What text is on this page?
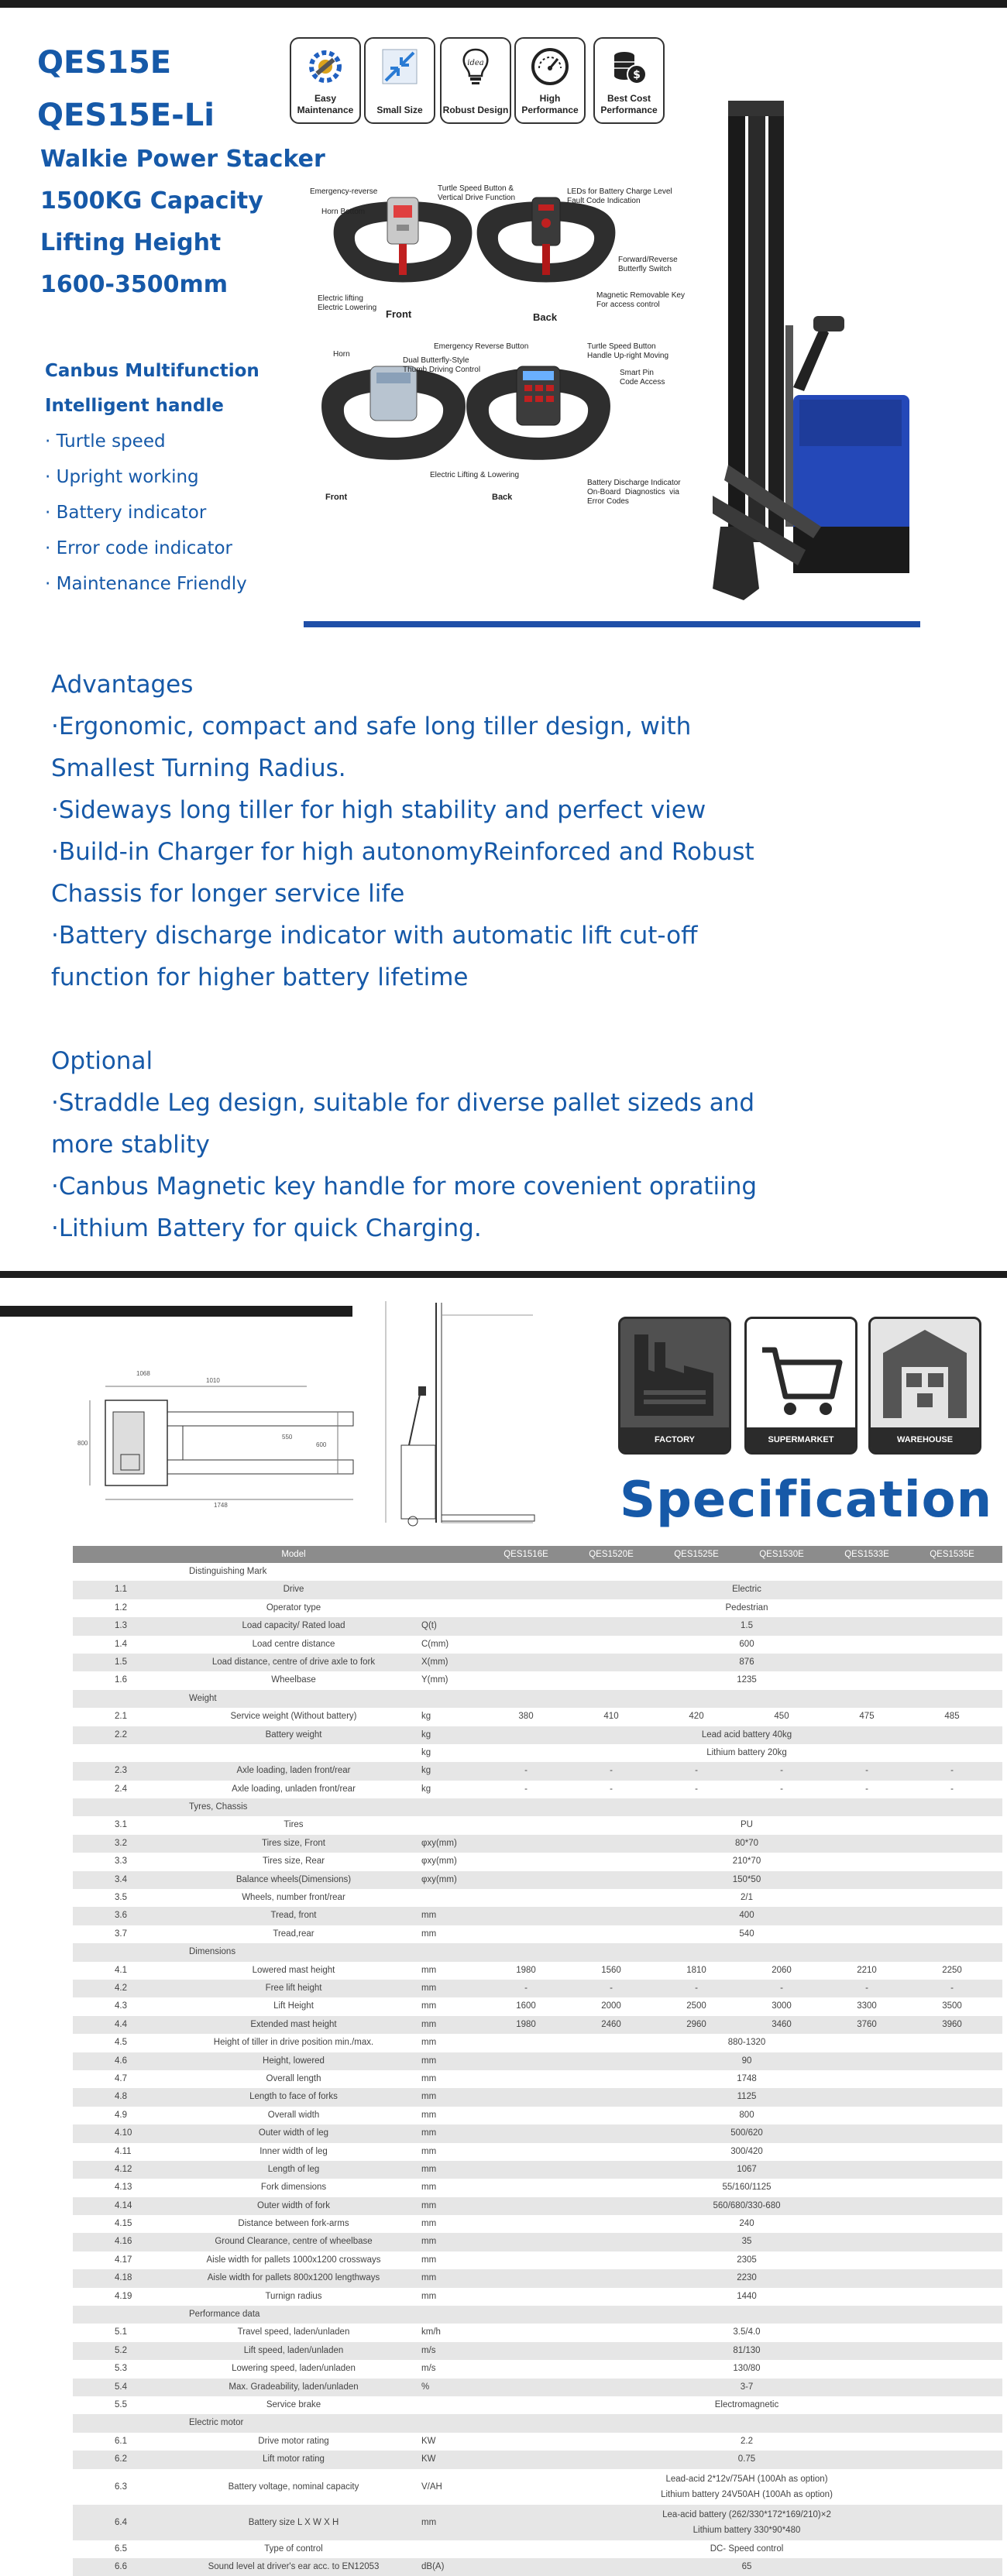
QES15E
QES15E-Li
Walkie Power Stacker
1500KG Capacity
Lifting Height
1600-3500mm
Canbus Multifunction
Intelligent handle
· Turtle speed
· Upright working
· Battery indicator
· Error code indicator
· Maintenance Friendly
Easy Maintenance	Small Size
idea
Robust Design
High Performance
$
Best Cost Performance
Emergency-reverse
Horn Bottom
Turtle Speed Button &
Vertical Drive Function
LEDs for Battery Charge Level
Fault Code Indication
Forward/Reverse
Butterfly Switch
Electric lifting
Electric Lowering
Magnetic Removable Key
For access control
Front	Back
Emergency Reverse Button
Horn
Dual Butterfly-Style
Thumb Driving Control
Electric Lifting & Lowering
Turtle Speed Button
Handle Up-right Moving
Smart Pin
Code Access
Battery Discharge Indicator
On-Board  Diagnostics  via
Error Codes
Front	Back
Advantages
·Ergonomic, compact and safe long tiller design, with
Smallest Turning Radius.
·Sideways long tiller for high stability and perfect view
·Build-in Charger for high autonomyReinforced and Robust
Chassis for longer service life
·Battery discharge indicator with automatic lift cut-off
function for higher battery lifetime
Optional
·Straddle Leg design, suitable for diverse pallet sizeds and
more stablity
·Canbus Magnetic key handle for more covenient opratiing
·Lithium Battery for quick Charging.
1010
800
550
600
1748
1068
FACTORY	SUPERMARKET	WAREHOUSE
Specification
Model	QES1516E	QES1520E	QES1525E	QES1530E	QES1533E	QES1535E
Distinguishing Mark
1.1	Drive	Electric
1.2	Operator type	Pedestrian
1.3	Load capacity/ Rated load	Q(t)	1.5
1.4	Load centre distance	C(mm)	600
1.5	Load distance, centre of drive axle to fork	X(mm)	876
1.6	Wheelbase	Y(mm)	1235
Weight
2.1	Service weight (Without battery)	kg	380	410	420	450	475	485
2.2	Battery weight	kg	Lead acid battery 40kg
kg	Lithium battery 20kg
2.3	Axle loading, laden front/rear	kg	-	-	-	-	-	-
2.4	Axle loading, unladen front/rear	kg	-	-	-	-	-	-
Tyres, Chassis
3.1	Tires	PU
3.2	Tires size, Front	φxy(mm)	80*70
3.3	Tires size, Rear	φxy(mm)	210*70
3.4	Balance wheels(Dimensions)	φxy(mm)	150*50
3.5	Wheels, number front/rear	2/1
3.6	Tread, front	mm	400
3.7	Tread,rear	mm	540
Dimensions
4.1	Lowered mast height	mm	1980	1560	1810	2060	2210	2250
4.2	Free lift height	mm	-	-	-	-	-	-
4.3	Lift Height	mm	1600	2000	2500	3000	3300	3500
4.4	Extended mast height	mm	1980	2460	2960	3460	3760	3960
4.5	Height of tiller in drive position min./max.	mm	880-1320
4.6	Height, lowered	mm	90
4.7	Overall length	mm	1748
4.8	Length to face of forks	mm	1125
4.9	Overall width	mm	800
4.10	Outer width of leg	mm	500/620
4.11	Inner width of leg	mm	300/420
4.12	Length of leg	mm	1067
4.13	Fork dimensions	mm	55/160/1125
4.14	Outer width of fork	mm	560/680/330-680
4.15	Distance between fork-arms	mm	240
4.16	Ground Clearance, centre of wheelbase	mm	35
4.17	Aisle width for pallets 1000x1200 crossways	mm	2305
4.18	Aisle width for pallets 800x1200 lengthways	mm	2230
4.19	Turnign radius	mm	1440
Performance data
5.1	Travel speed, laden/unladen	km/h	3.5/4.0
5.2	Lift speed, laden/unladen	m/s	81/130
5.3	Lowering speed, laden/unladen	m/s	130/80
5.4	Max. Gradeability, laden/unladen	%	3-7
5.5	Service brake	Electromagnetic
Electric motor
6.1	Drive motor rating	KW	2.2
6.2	Lift motor rating	KW	0.75
6.3	Battery voltage, nominal capacity	V/AH
Lead-acid 2*12v/75AH (100Ah as option)
Lithium battery 24V50AH (100Ah as option)
6.4	Battery size L X W X H	mm
Lea-acid battery (262/330*172*169/210)×2
Lithium battery 330*90*480
6.5	Type of control	DC- Speed control
6.6	Sound level at driver's ear acc. to EN12053	dB(A)	65
